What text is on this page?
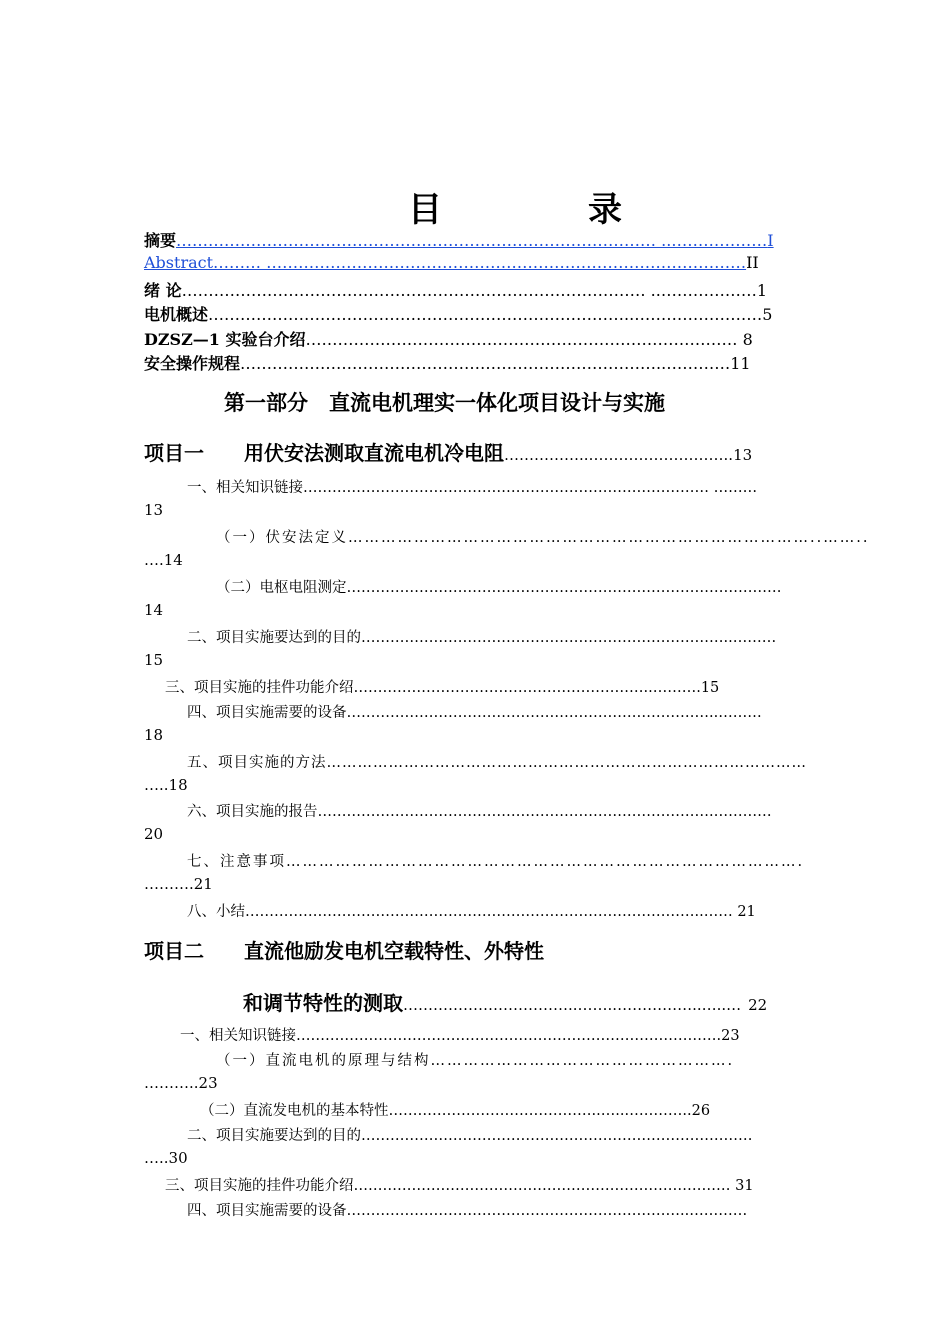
目　录
摘要……………………………………………………………………………… ..………………I
Abstract……… ………………………………………………………………………………II
绪 论…………………………………………………………………………… ..………………1
电机概述……………………………………………………………………..……………………5
DZSZ—1 实验台介绍……………………………………………………………………… 8
安全操作规程……………………………………………………………………..…………11
第一部分　直流电机理实一体化项目设计与实施
项目一　　用伏安法测取直流电机冷电阻……………..………………………..13
一、相关知识链接………………………………………………………………………… ………
13
（一）伏安法定义…………………………………………………………………………..……..
….14
（二）电枢电阻测定………………………………………………………………………………
14
二、项目实施要达到的目的…………………………………………………………………..………
15
三、项目实施的挂件功能介绍……………………………………………………..……….15
四、项目实施需要的设备…………………………………………………………………..………
18
五、项目实施的方法…………………………………………………………………………………
…..18
六、项目实施的报告……………………………………………………………………….…………
20
七、注意事项………………………………………………………………………………….
……….21
八、小结…………………………………………………………………………………..…… 21
项目二　　直流他励发电机空载特性、外特性
和调节特性的测取……………………………..……..……………..…..… 22
一、相关知识链接…………………………………………………………………………….23
（一）直流电机的原理与结构……………………………………………….
………..23
（二）直流发电机的基本特性……………………………………..…..…………..26
二、项目实施要达到的目的………………………………………………………………………
…..30
三、项目实施的挂件功能介绍…………………………………………………………………… 31
四、项目实施需要的设备……………………………………………………………..…………
